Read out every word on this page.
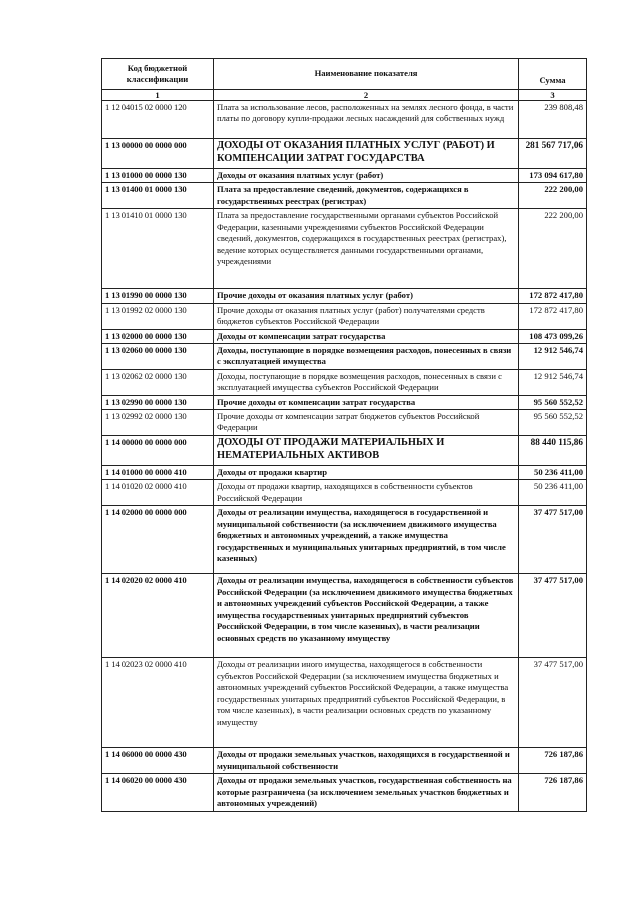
Код бюджетной классификации	Наименование показателя	Сумма
1	2	3
1 12 04015 02 0000 120	Плата за использование лесов, расположенных на землях лесного фонда, в части платы по договору купли-продажи лесных насаждений для собственных нужд	239 808,48
1 13 00000 00 0000 000	ДОХОДЫ ОТ ОКАЗАНИЯ ПЛАТНЫХ УСЛУГ (РАБОТ) И КОМПЕНСАЦИИ ЗАТРАТ ГОСУДАРСТВА	281 567 717,06
1 13 01000 00 0000 130	Доходы от оказания платных услуг (работ)	173 094 617,80
1 13 01400 01 0000 130	Плата за предоставление сведений, документов, содержащихся в государственных реестрах (регистрах)	222 200,00
1 13 01410 01 0000 130	Плата за предоставление государственными органами субъектов Российской Федерации, казенными учреждениями субъектов Российской Федерации сведений, документов, содержащихся в государственных реестрах (регистрах), ведение которых осуществляется данными государственными органами, учреждениями	222 200,00
1 13 01990 00 0000 130	Прочие доходы от оказания платных услуг (работ)	172 872 417,80
1 13 01992 02 0000 130	Прочие доходы от оказания платных услуг (работ) получателями средств бюджетов субъектов Российской Федерации	172 872 417,80
1 13 02000 00 0000 130	Доходы от компенсации затрат государства	108 473 099,26
1 13 02060 00 0000 130	Доходы, поступающие в порядке возмещения расходов, понесенных в связи с эксплуатацией имущества	12 912 546,74
1 13 02062 02 0000 130	Доходы, поступающие в порядке возмещения расходов, понесенных в связи с эксплуатацией имущества субъектов Российской Федерации	12 912 546,74
1 13 02990 00 0000 130	Прочие доходы от компенсации затрат государства	95 560 552,52
1 13 02992 02 0000 130	Прочие доходы от компенсации затрат бюджетов субъектов Российской Федерации	95 560 552,52
1 14 00000 00 0000 000	ДОХОДЫ ОТ ПРОДАЖИ МАТЕРИАЛЬНЫХ И НЕМАТЕРИАЛЬНЫХ АКТИВОВ	88 440 115,86
1 14 01000 00 0000 410	Доходы от продажи квартир	50 236 411,00
1 14 01020 02 0000 410	Доходы от продажи квартир, находящихся в собственности субъектов Российской Федерации	50 236 411,00
1 14 02000 00 0000 000	Доходы от реализации имущества, находящегося в государственной и муниципальной собственности (за исключением движимого имущества бюджетных и автономных учреждений, а также имущества государственных и муниципальных унитарных предприятий, в том числе казенных)	37 477 517,00
1 14 02020 02 0000 410	Доходы от реализации имущества, находящегося в собственности субъектов Российской Федерации (за исключением движимого имущества бюджетных и автономных учреждений субъектов Российской Федерации, а также имущества государственных унитарных предприятий субъектов Российской Федерации, в том числе казенных), в части реализации основных средств по указанному имуществу	37 477 517,00
1 14 02023 02 0000 410	Доходы от реализации иного имущества, находящегося в собственности субъектов Российской Федерации (за исключением имущества бюджетных и автономных учреждений субъектов Российской Федерации, а также имущества государственных унитарных предприятий субъектов Российской Федерации, в том числе казенных), в части реализации основных средств по указанному имуществу	37 477 517,00
1 14 06000 00 0000 430	Доходы от продажи земельных участков, находящихся в государственной и муниципальной собственности	726 187,86
1 14 06020 00 0000 430	Доходы от продажи земельных участков, государственная собственность на которые разграничена (за исключением земельных участков бюджетных и автономных учреждений)	726 187,86
